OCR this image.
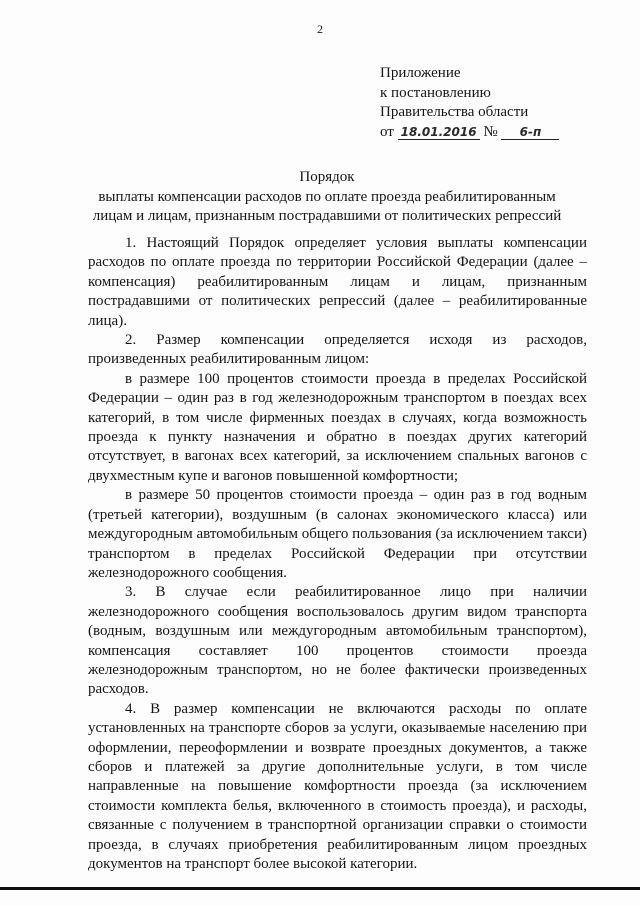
2
Приложение
к постановлению
Правительства области
от 18.01.2016 № 6-п
Порядок
выплаты компенсации расходов по оплате проезда реабилитированным
лицам и лицам, признанным пострадавшими от политических репрессий

1. Настоящий Порядок определяет условия выплаты компенсации расходов по оплате проезда по территории Российской Федерации (далее – компенсация) реабилитированным лицам и лицам, признанным пострадавшими от политических репрессий (далее – реабилитированные лица).

2. Размер компенсации определяется исходя из расходов, произведенных реабилитированным лицом:

в размере 100 процентов стоимости проезда в пределах Российской Федерации – один раз в год железнодорожным транспортом в поездах всех категорий, в том числе фирменных поездах в случаях, когда возможность проезда к пункту назначения и обратно в поездах других категорий отсутствует, в вагонах всех категорий, за исключением спальных вагонов с двухместным купе и вагонов повышенной комфортности;

в размере 50 процентов стоимости проезда – один раз в год водным (третьей категории), воздушным (в салонах экономического класса) или междугородным автомобильным общего пользования (за исключением такси) транспортом в пределах Российской Федерации при отсутствии железнодорожного сообщения.

3. В случае если реабилитированное лицо при наличии железнодорожного сообщения воспользовалось другим видом транспорта (водным, воздушным или междугородным автомобильным транспортом), компенсация составляет 100 процентов стоимости проезда железнодорожным транспортом, но не более фактически произведенных расходов.

4. В размер компенсации не включаются расходы по оплате установленных на транспорте сборов за услуги, оказываемые населению при оформлении, переоформлении и возврате проездных документов, а также сборов и платежей за другие дополнительные услуги, в том числе направленные на повышение комфортности проезда (за исключением стоимости комплекта белья, включенного в стоимость проезда), и расходы, связанные с получением в транспортной организации справки о стоимости проезда, в случаях приобретения реабилитированным лицом проездных документов на транспорт более высокой категории.
